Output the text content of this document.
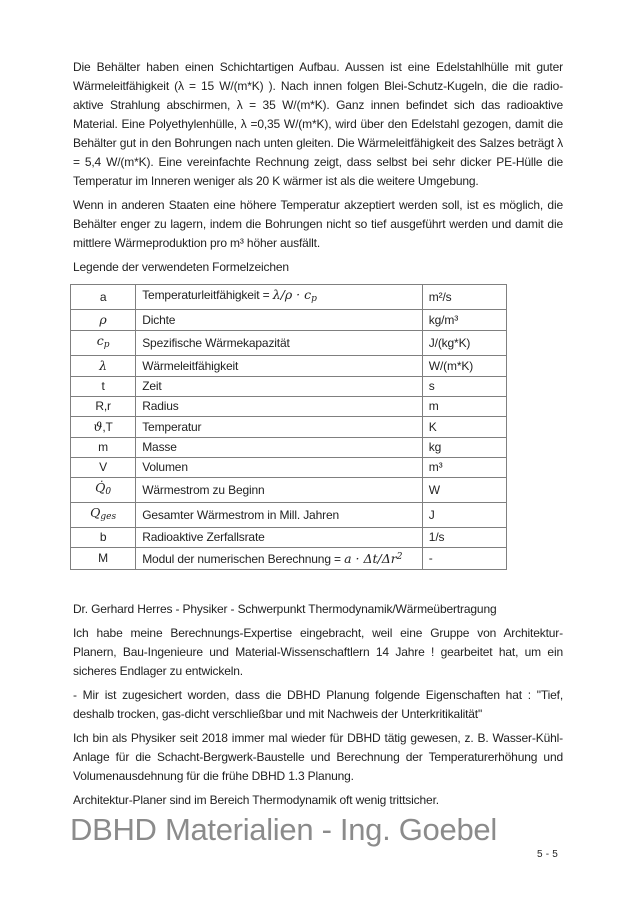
Die Behälter haben einen Schichtartigen Aufbau. Aussen ist eine Edelstahlhülle mit guter Wärmeleitfähigkeit (λ = 15 W/(m*K) ). Nach innen folgen Blei-Schutz-Kugeln, die die radio-aktive Strahlung abschirmen, λ = 35 W/(m*K). Ganz innen befindet sich das radioaktive Material. Eine Polyethylenhülle, λ =0,35 W/(m*K), wird über den Edelstahl gezogen, damit die Behälter gut in den Bohrungen nach unten gleiten. Die Wärmeleitfähigkeit des Salzes beträgt λ = 5,4 W/(m*K). Eine vereinfachte Rechnung zeigt, dass selbst bei sehr dicker PE-Hülle die Temperatur im Inneren weniger als 20 K wärmer ist als die weitere Umgebung.

Wenn in anderen Staaten eine höhere Temperatur akzeptiert werden soll, ist es möglich, die Behälter enger zu lagern, indem die Bohrungen nicht so tief ausgeführt werden und damit die mittlere Wärmeproduktion pro m³ höher ausfällt.

Legende der verwendeten Formelzeichen

a	Temperaturleitfähigkeit = λ/ρ · cp	m²/s
ρ	Dichte	kg/m³
cp	Spezifische Wärmekapazität	J/(kg*K)
λ	Wärmeleitfähigkeit	W/(m*K)
t	Zeit	s
R,r	Radius	m
ϑ,T	Temperatur	K
m	Masse	kg
V	Volumen	m³
Q̇0	Wärmestrom zu Beginn	W
Qges	Gesamter Wärmestrom in Mill. Jahren	J
b	Radioaktive Zerfallsrate	1/s
M	Modul der numerischen Berechnung = $a \cdot \Delta t/\Delta r^2$	-

Dr. Gerhard Herres - Physiker - Schwerpunkt Thermodynamik/Wärmeübertragung

Ich habe meine Berechnungs-Expertise eingebracht, weil eine Gruppe von Architektur-Planern, Bau-Ingenieure und Material-Wissenschaftlern 14 Jahre ! gearbeitet hat, um ein sicheres Endlager zu entwickeln.

- Mir ist zugesichert worden, dass die DBHD Planung folgende Eigenschaften hat : "Tief, deshalb trocken, gas-dicht verschließbar und mit Nachweis der Unterkritikalität"

Ich bin als Physiker seit 2018 immer mal wieder für DBHD tätig gewesen, z. B. Wasser-Kühl-Anlage für die Schacht-Bergwerk-Baustelle und Berechnung der Temperaturerhöhung und Volumenausdehnung für die frühe DBHD 1.3 Planung.

Architektur-Planer sind im Bereich Thermodynamik oft wenig trittsicher.

DBHD Materialien - Ing. Goebel
5 - 5
